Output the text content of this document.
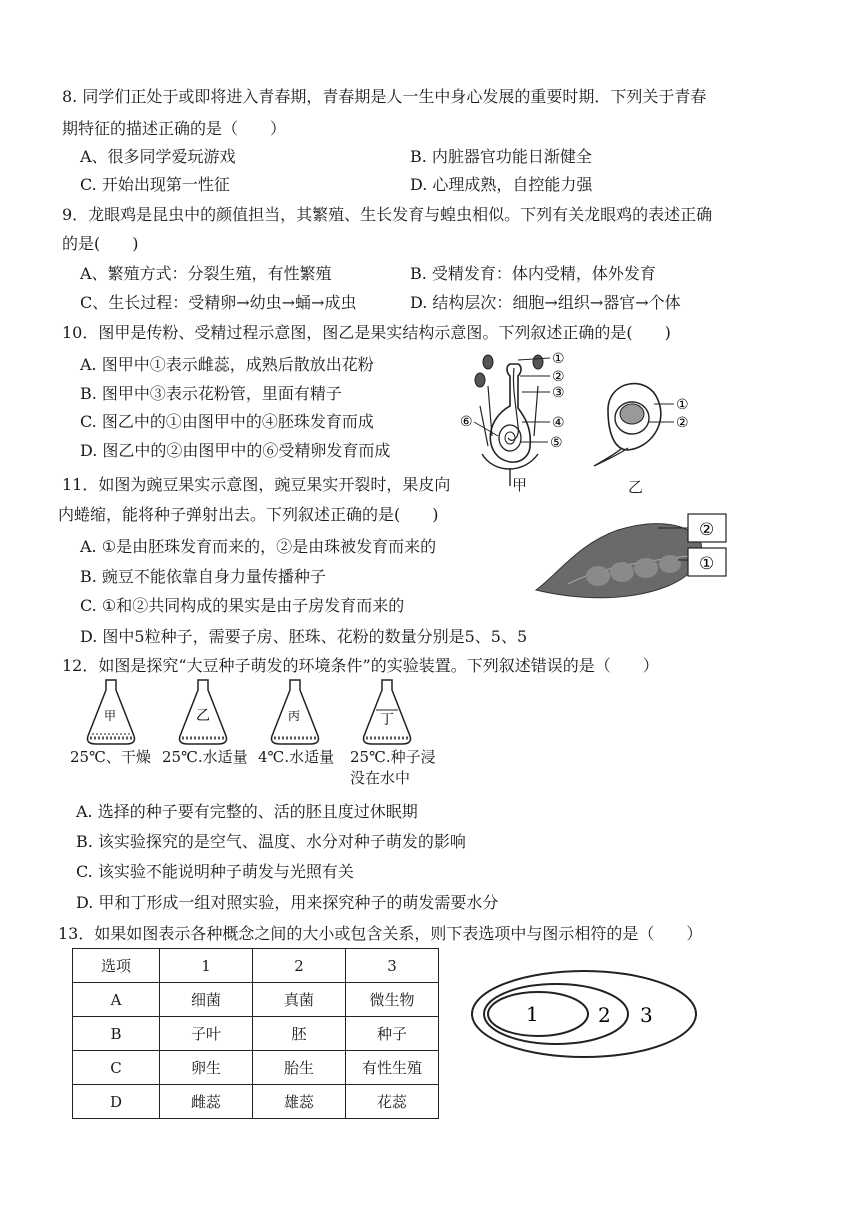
8. 同学们正处于或即将进入青春期，青春期是人一生中身心发展的重要时期．下列关于青春
期特征的描述正确的是（　　）
A、很多同学爱玩游戏	B. 内脏器官功能日渐健全
C. 开始出现第一性征	D. 心理成熟，自控能力强
9．龙眼鸡是昆虫中的颜值担当，其繁殖、生长发育与蝗虫相似。下列有关龙眼鸡的表述正确
的是(　　)
A、繁殖方式：分裂生殖，有性繁殖	B. 受精发育：体内受精，体外发育
C、生长过程：受精卵→幼虫→蛹→成虫	D. 结构层次：细胞→组织→器官→个体
10．图甲是传粉、受精过程示意图，图乙是果实结构示意图。下列叙述正确的是(　　)
A. 图甲中①表示雌蕊，成熟后散放出花粉
B. 图甲中③表示花粉管，里面有精子
C. 图乙中的①由图甲中的④胚珠发育而成
D. 图乙中的②由图甲中的⑥受精卵发育而成
①
②
③
④
⑤
⑥
甲
①
②
乙
11．如图为豌豆果实示意图，豌豆果实开裂时，果皮向
内蜷缩，能将种子弹射出去。下列叙述正确的是(　　)
A. ①是由胚珠发育而来的，②是由珠被发育而来的
B. 豌豆不能依靠自身力量传播种子
C. ①和②共同构成的果实是由子房发育而来的
D. 图中5粒种子，需要子房、胚珠、花粉的数量分别是5、5、5
②
①
12．如图是探究“大豆种子萌发的环境条件”的实验装置。下列叙述错误的是（　　）
甲	乙	丙	丁
25℃、干燥 25℃.水适量 4℃.水适量 25℃.种子浸
没在水中
A. 选择的种子要有完整的、活的胚且度过休眠期
B. 该实验探究的是空气、温度、水分对种子萌发的影响
C. 该实验不能说明种子萌发与光照有关
D. 甲和丁形成一组对照实验，用来探究种子的萌发需要水分
13．如果如图表示各种概念之间的大小或包含关系，则下表选项中与图示相符的是（　　）
选项	1	2	3
A	细菌	真菌	微生物
B	子叶	胚	种子
C	卵生	胎生	有性生殖
D	雌蕊	雄蕊	花蕊
1	2 3
